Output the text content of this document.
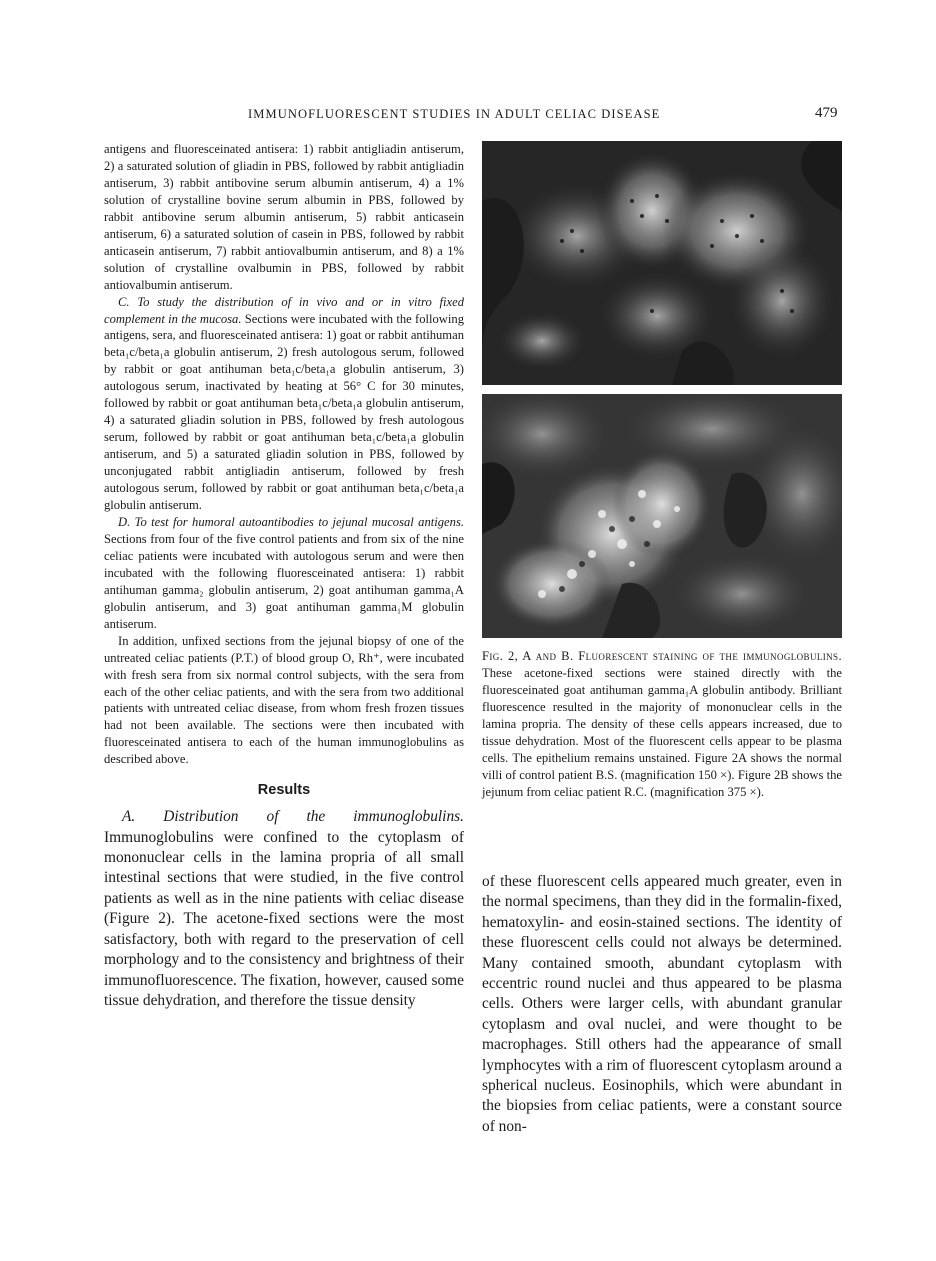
IMMUNOFLUORESCENT STUDIES IN ADULT CELIAC DISEASE	479

antigens and fluoresceinated antisera: 1) rabbit antigliadin antiserum, 2) a saturated solution of gliadin in PBS, followed by rabbit antigliadin antiserum, 3) rabbit antibovine serum albumin antiserum, 4) a 1% solution of crystalline bovine serum albumin in PBS, followed by rabbit antibovine serum albumin antiserum, 5) rabbit anticasein antiserum, 6) a saturated solution of casein in PBS, followed by rabbit anticasein antiserum, 7) rabbit antiovalbumin antiserum, and 8) a 1% solution of crystalline ovalbumin in PBS, followed by rabbit antiovalbumin antiserum.

C. To study the distribution of in vivo and or in vitro fixed complement in the mucosa. Sections were incubated with the following antigens, sera, and fluoresceinated antisera: 1) goat or rabbit antihuman beta₁c/beta₁a globulin antiserum, 2) fresh autologous serum, followed by rabbit or goat antihuman beta₁c/beta₁a globulin antiserum, 3) autologous serum, inactivated by heating at 56° C for 30 minutes, followed by rabbit or goat antihuman beta₁c/beta₁a globulin antiserum, 4) a saturated gliadin solution in PBS, followed by fresh autologous serum, followed by rabbit or goat antihuman beta₁c/beta₁a globulin antiserum, and 5) a saturated gliadin solution in PBS, followed by unconjugated rabbit antigliadin antiserum, followed by fresh autologous serum, followed by rabbit or goat antihuman beta₁c/beta₁a globulin antiserum.

D. To test for humoral autoantibodies to jejunal mucosal antigens. Sections from four of the five control patients and from six of the nine celiac patients were incubated with autologous serum and were then incubated with the following fluoresceinated antisera: 1) rabbit antihuman gamma₂ globulin antiserum, 2) goat antihuman gamma₁A globulin antiserum, and 3) goat antihuman gamma₁M globulin antiserum.

In addition, unfixed sections from the jejunal biopsy of one of the untreated celiac patients (P.T.) of blood group O, Rh⁺, were incubated with fresh sera from six normal control subjects, with the sera from each of the other celiac patients, and with the sera from two additional patients with untreated celiac disease, from whom fresh frozen tissues had not been available. The sections were then incubated with fluoresceinated antisera to each of the human immunoglobulins as described above.

Results

A. Distribution of the immunoglobulins. Immunoglobulins were confined to the cytoplasm of mononuclear cells in the lamina propria of all small intestinal sections that were studied, in the five control patients as well as in the nine patients with celiac disease (Figure 2). The acetone-fixed sections were the most satisfactory, both with regard to the preservation of cell morphology and to the consistency and brightness of their immunofluorescence. The fixation, however, caused some tissue dehydration, and therefore the tissue density

Fig. 2, A and B. Fluorescent staining of the immunoglobulins. These acetone-fixed sections were stained directly with the fluoresceinated goat antihuman gamma₁A globulin antibody. Brilliant fluorescence resulted in the majority of mononuclear cells in the lamina propria. The density of these cells appears increased, due to tissue dehydration. Most of the fluorescent cells appear to be plasma cells. The epithelium remains unstained. Figure 2A shows the normal villi of control patient B.S. (magnification 150 ×). Figure 2B shows the jejunum from celiac patient R.C. (magnification 375 ×).

of these fluorescent cells appeared much greater, even in the normal specimens, than they did in the formalin-fixed, hematoxylin- and eosin-stained sections. The identity of these fluorescent cells could not always be determined. Many contained smooth, abundant cytoplasm with eccentric round nuclei and thus appeared to be plasma cells. Others were larger cells, with abundant granular cytoplasm and oval nuclei, and were thought to be macrophages. Still others had the appearance of small lymphocytes with a rim of fluorescent cytoplasm around a spherical nucleus. Eosinophils, which were abundant in the biopsies from celiac patients, were a constant source of non-
